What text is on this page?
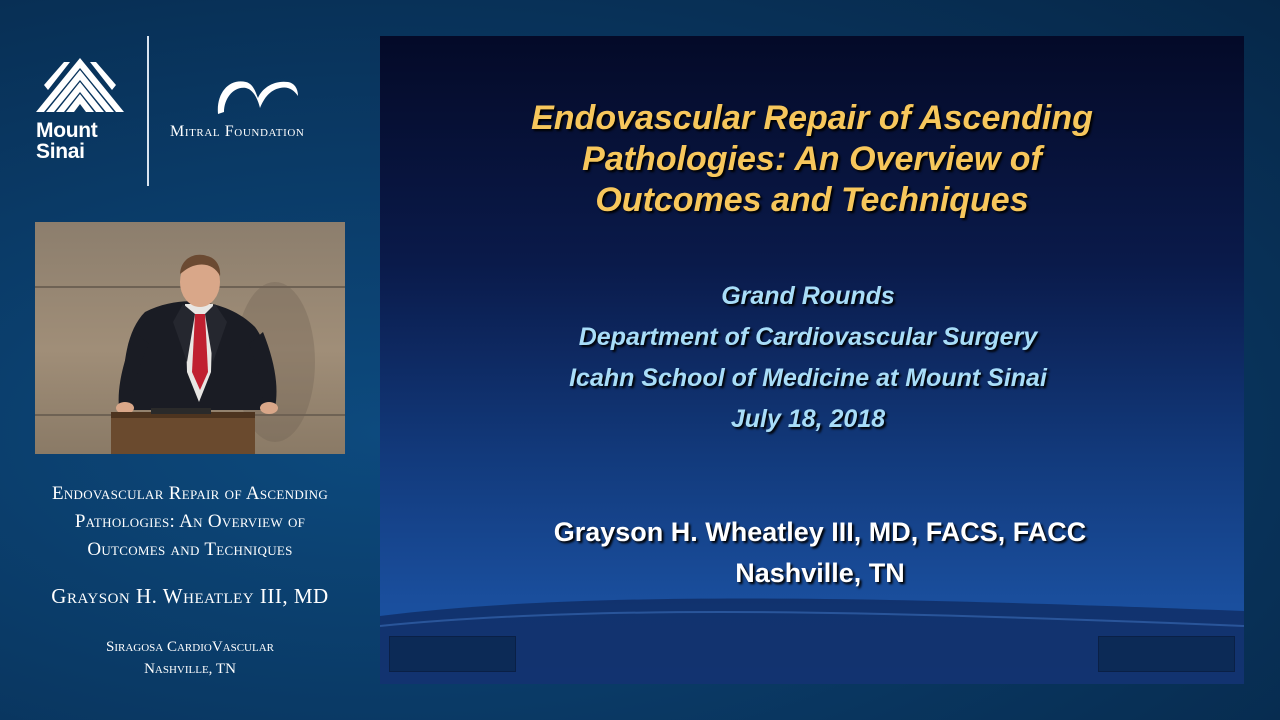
Mount
Sinai
Mitral Foundation
Endovascular Repair of Ascending
Pathologies: An Overview of
Outcomes and Techniques
Grayson H. Wheatley III, MD
Siragosa CardioVascular
Nashville, TN
Endovascular Repair of Ascending
Pathologies: An Overview of
Outcomes and Techniques
Grand Rounds
Department of Cardiovascular Surgery
Icahn School of Medicine at Mount Sinai
July 18, 2018
Grayson H. Wheatley III, MD, FACS, FACC
Nashville, TN
